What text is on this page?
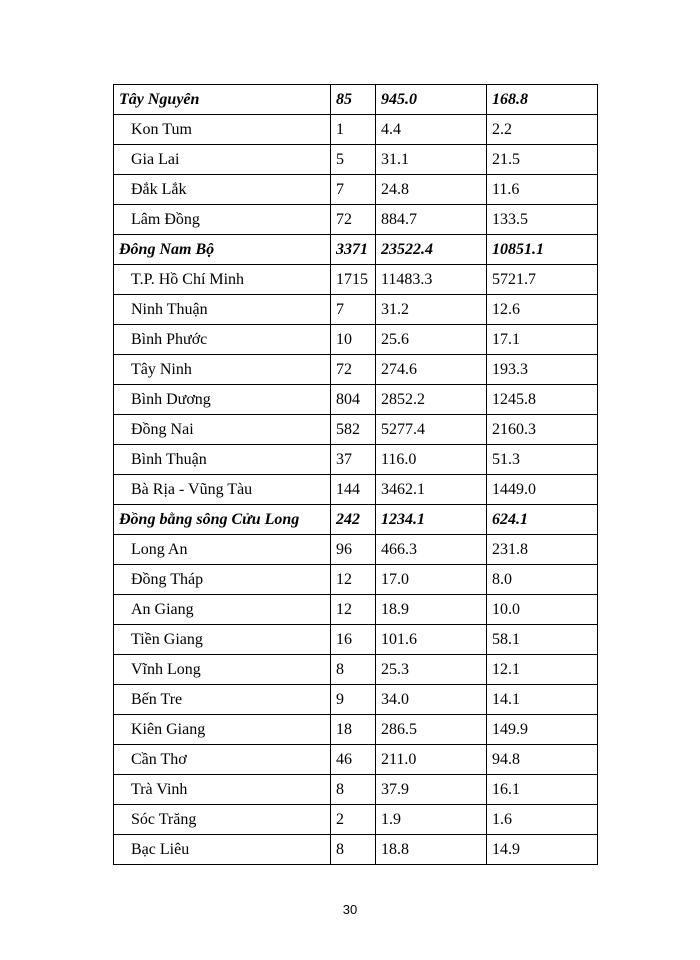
Tây Nguyên	85	945.0	168.8
Kon Tum	1	4.4	2.2
Gia Lai	5	31.1	21.5
Đắk Lắk	7	24.8	11.6
Lâm Đồng	72	884.7	133.5
Đông Nam Bộ	3371	23522.4	10851.1
T.P. Hồ Chí Minh	1715	11483.3	5721.7
Ninh Thuận	7	31.2	12.6
Bình Phước	10	25.6	17.1
Tây Ninh	72	274.6	193.3
Bình Dương	804	2852.2	1245.8
Đồng Nai	582	5277.4	2160.3
Bình Thuận	37	116.0	51.3
Bà Rịa - Vũng Tàu	144	3462.1	1449.0
Đồng bằng sông Cửu Long	242	1234.1	624.1
Long An	96	466.3	231.8
Đồng Tháp	12	17.0	8.0
An Giang	12	18.9	10.0
Tiền Giang	16	101.6	58.1
Vĩnh Long	8	25.3	12.1
Bến Tre	9	34.0	14.1
Kiên Giang	18	286.5	149.9
Cần Thơ	46	211.0	94.8
Trà Vinh	8	37.9	16.1
Sóc Trăng	2	1.9	1.6
Bạc Liêu	8	18.8	14.9
30
